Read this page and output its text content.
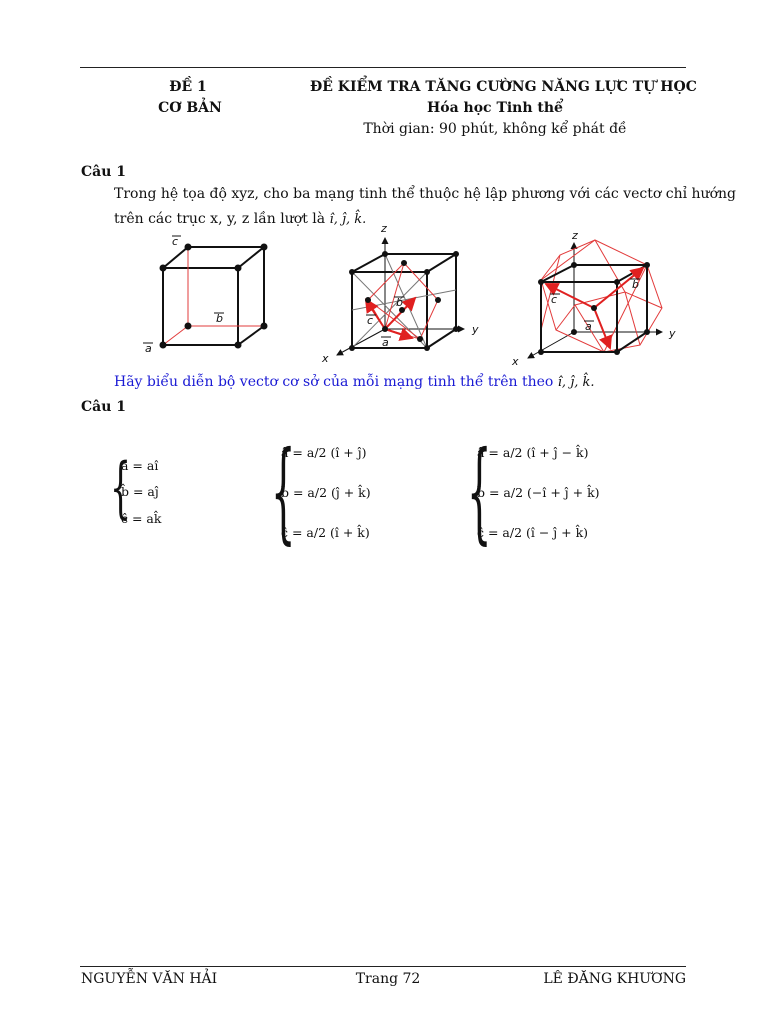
ĐỀ 1
CƠ BẢN
ĐỀ KIỂM TRA TĂNG CƯỜNG NĂNG LỰC TỰ HỌC
Hóa học Tinh thể
Thời gian: 90 phút, không kể phát đề
Câu 1
Trong hệ tọa độ xyz, cho ba mạng tinh thể thuộc hệ lập phương với các vectơ chỉ hướng
trên các trục x, y, z lần lượt là î, ĵ, k̂.
c
b
a
z
y
x
b
c
a
z
y
x
b
c
a
Hãy biểu diễn bộ vectơ cơ sở của mỗi mạng tinh thể trên theo î, ĵ, k̂.
Câu 1
{
â = aî
b̂ = aĵ
ĉ = ak̂ {
â = a/2 (î + ĵ)
b̂ = a/2 (ĵ + k̂)
ĉ = a/2 (î + k̂) {
â = a/2 (î + ĵ − k̂)
b̂ = a/2 (−î + ĵ + k̂)
ĉ = a/2 (î − ĵ + k̂)
NGUYỄN VĂN HẢI	Trang 72	LÊ ĐĂNG KHƯƠNG
